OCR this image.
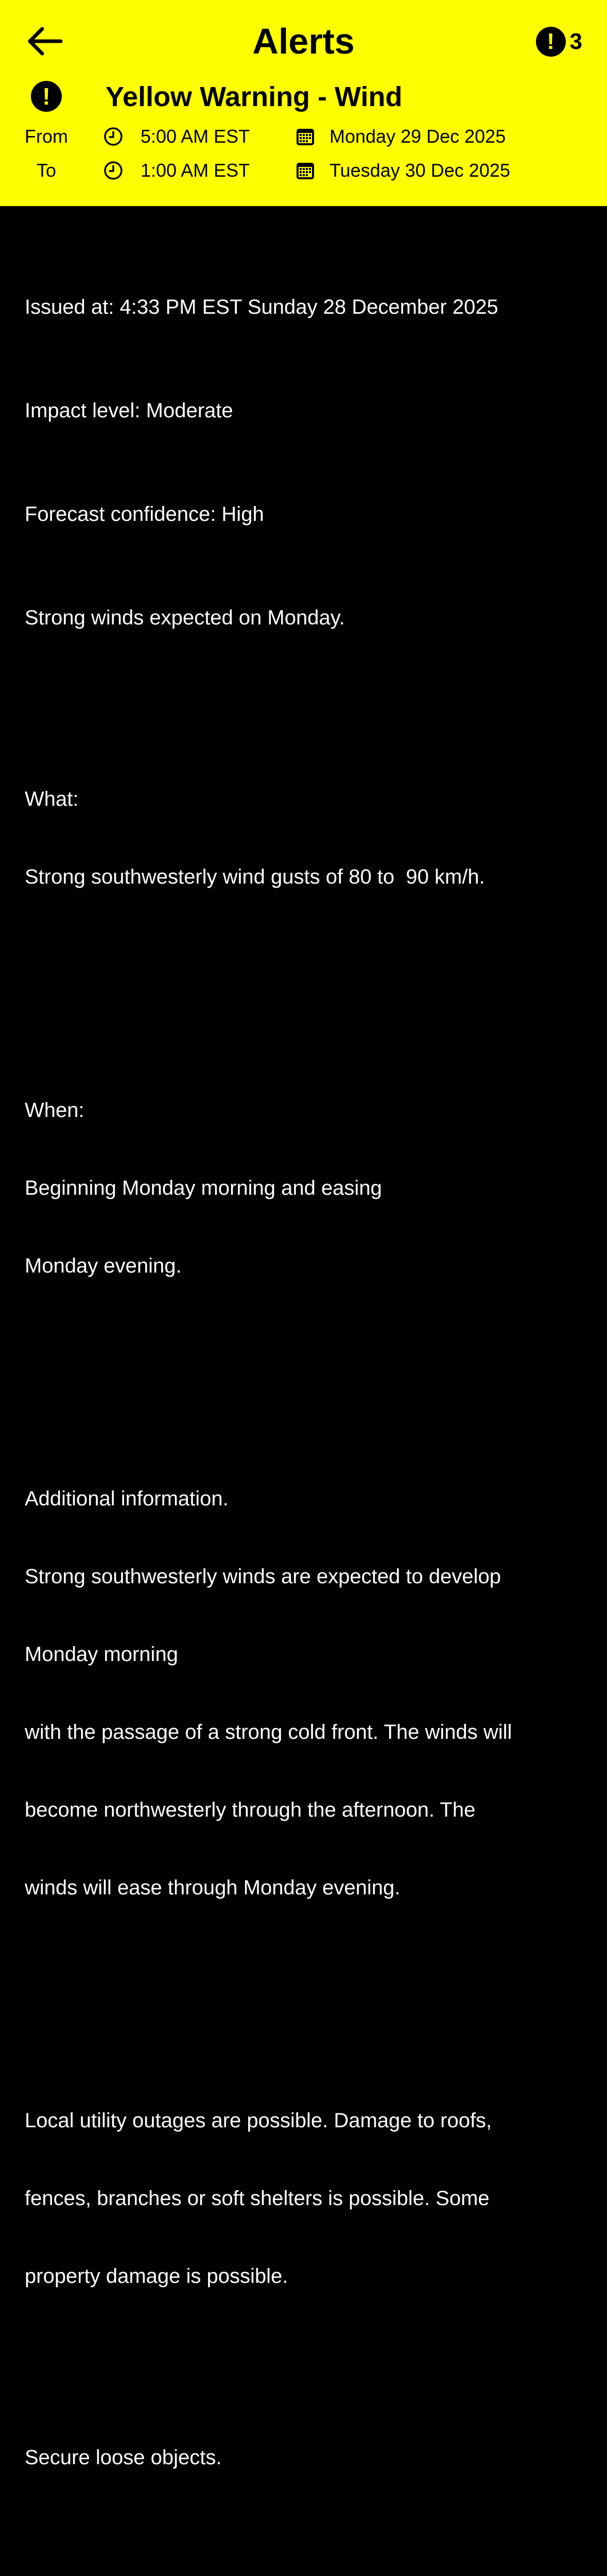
Alerts	! 3
!	Yellow Warning - Wind
From	5:00 AM EST	Monday 29 Dec 2025
To	1:00 AM EST	Tuesday 30 Dec 2025

Issued at: 4:33 PM EST Sunday 28 December 2025

Impact level: Moderate

Forecast confidence: High

Strong winds expected on Monday.

What:

Strong southwesterly wind gusts of 80 to  90 km/h.

When:

Beginning Monday morning and easing

Monday evening.

Additional information.

Strong southwesterly winds are expected to develop

Monday morning

with the passage of a strong cold front. The winds will

become northwesterly through the afternoon. The

winds will ease through Monday evening.

Local utility outages are possible. Damage to roofs,

fences, branches or soft shelters is possible. Some

property damage is possible.

Secure loose objects.
